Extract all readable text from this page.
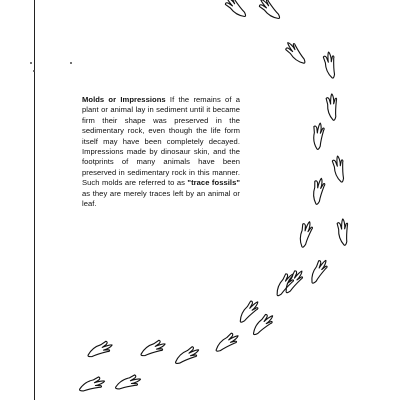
Molds or Impressions If the remains of a plant or animal lay in sediment until it became firm their shape was preserved in the sedimentary rock, even though the life form itself may have been completely decayed. Impressions made by dinosaur skin, and the footprints of many animals have been preserved in sedimentary rock in this manner. Such molds are referred to as "trace fossils" as they are merely traces left by an animal or leaf.
